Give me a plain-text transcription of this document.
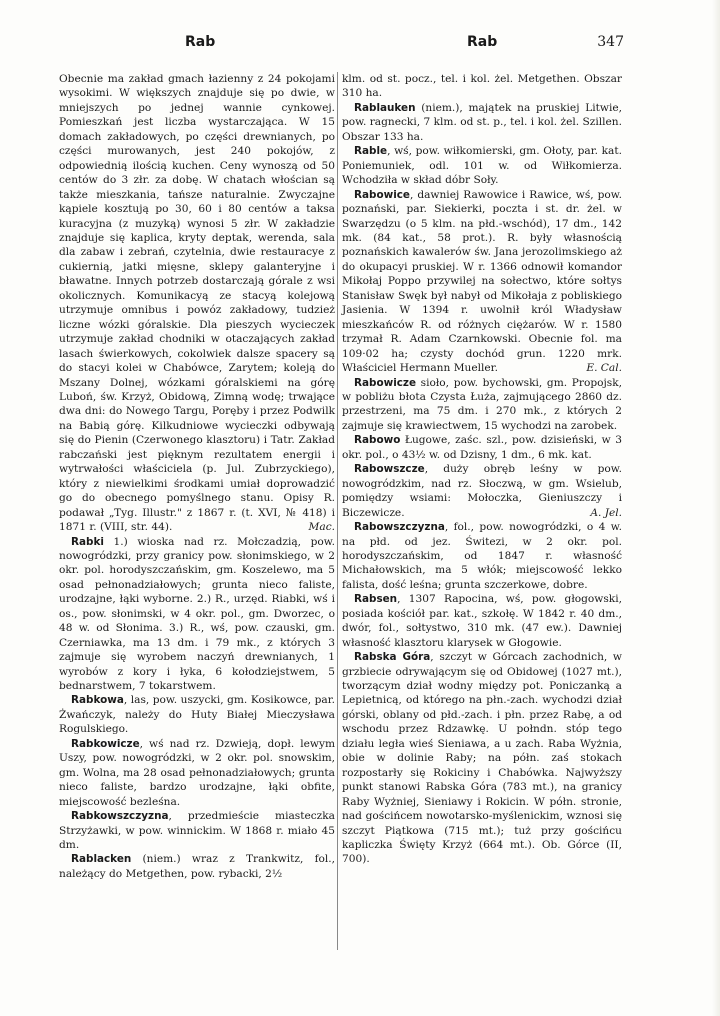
Rab	Rab	347

Obecnie ma zakład gmach łazienny z 24 pokojami wysokimi. W większych znajduje się po dwie, w mniejszych po jednej wannie cynkowej. Pomieszkań jest liczba wystarczająca. W 15 domach zakładowych, po części drewnianych, po części murowanych, jest 240 pokojów, z odpowiednią ilością kuchen. Ceny wynoszą od 50 centów do 3 złr. za dobę. W chatach włościan są także mieszkania, tańsze naturalnie. Zwyczajne kąpiele kosztują po 30, 60 i 80 centów a taksa kuracyjna (z muzyką) wynosi 5 złr. W zakładzie znajduje się kaplica, kryty deptak, werenda, sala dla zabaw i zebrań, czytelnia, dwie restauracye z cukiernią, jatki mięsne, sklepy galanteryjne i bławatne. Innych potrzeb dostarczają górale z wsi okolicznych. Komunikacyą ze stacyą kolejową utrzymuje omnibus i powóz zakładowy, tudzież liczne wózki góralskie. Dla pieszych wycieczek utrzymuje zakład chodniki w otaczających zakład lasach świerkowych, cokolwiek dalsze spacery są do stacyi kolei w Chabówce, Zarytem; koleją do Mszany Dolnej, wózkami góralskiemi na górę Luboń, św. Krzyż, Obidową, Zimną wodę; trwające dwa dni: do Nowego Targu, Poręby i przez Podwilk na Babią górę. Kilkudniowe wycieczki odbywają się do Pienin (Czerwonego klasztoru) i Tatr. Zakład rabczański jest pięknym rezultatem energii i wytrwałości właściciela (p. Jul. Zubrzyckiego), który z niewielkimi środkami umiał doprowadzić go do obecnego pomyślnego stanu. Opisy R. podawał „Tyg. Illustr." z 1867 r. (t. XVI, № 418) i 1871 r. (VIII, str. 44).	Mac.

Rabki 1.) wioska nad rz. Mołczadzią, pow. nowogródzki, przy granicy pow. słonimskiego, w 2 okr. pol. horodyszczańskim, gm. Koszelewo, ma 5 osad pełnonadziałowych; grunta nieco faliste, urodzajne, łąki wyborne. 2.) R., urzęd. Riabki, wś i os., pow. słonimski, w 4 okr. pol., gm. Dworzec, o 48 w. od Słonima. 3.) R., wś, pow. czauski, gm. Czerniawka, ma 13 dm. i 79 mk., z których 3 zajmuje się wyrobem naczyń drewnianych, 1 wyrobów z kory i łyka, 6 kołodziejstwem, 5 bednarstwem, 7 tokarstwem.

Rabkowa, las, pow. uszycki, gm. Kosikowce, par. Żwańczyk, należy do Huty Białej Mieczysława Rogulskiego.

Rabkowicze, wś nad rz. Dzwieją, dopł. lewym Uszy, pow. nowogródzki, w 2 okr. pol. snowskim, gm. Wolna, ma 28 osad pełnonadziałowych; grunta nieco faliste, bardzo urodzajne, łąki obfite, miejscowość bezleśna.

Rabkowszczyzna, przedmieście miasteczka Strzyżawki, w pow. winnickim. W 1868 r. miało 45 dm.

Rablacken (niem.) wraz z Trankwitz, fol., należący do Metgethen, pow. rybacki, 2½

klm. od st. pocz., tel. i kol. żel. Metgethen. Obszar 310 ha.

Rablauken (niem.), majątek na pruskiej Litwie, pow. ragnecki, 7 klm. od st. p., tel. i kol. żel. Szillen. Obszar 133 ha.

Rable, wś, pow. wiłkomierski, gm. Ołoty, par. kat. Poniemuniek, odl. 101 w. od Wiłkomierza. Wchodziła w skład dóbr Soły.

Rabowice, dawniej Rawowice i Rawice, wś, pow. poznański, par. Siekierki, poczta i st. dr. żel. w Swarzędzu (o 5 klm. na płd.-wschód), 17 dm., 142 mk. (84 kat., 58 prot.). R. były własnością poznańskich kawalerów św. Jana jerozolimskiego aż do okupacyi pruskiej. W r. 1366 odnowił komandor Mikołaj Poppo przywilej na sołectwo, które sołtys Stanisław Swęk był nabył od Mikołaja z pobliskiego Jasienia. W 1394 r. uwolnił król Władysław mieszkańców R. od różnych ciężarów. W r. 1580 trzymał R. Adam Czarnkowski. Obecnie fol. ma 109·02 ha; czysty dochód grun. 1220 mrk. Właściciel Hermann Mueller.	E. Cal.

Rabowicze sioło, pow. bychowski, gm. Propojsk, w pobliżu błota Czysta Łuża, zajmującego 2860 dz. przestrzeni, ma 75 dm. i 270 mk., z których 2 zajmuje się krawiectwem, 15 wychodzi na zarobek.

Rabowo Ługowe, zaśc. szl., pow. dzisieński, w 3 okr. pol., o 43½ w. od Dzisny, 1 dm., 6 mk. kat.

Rabowszcze, duży obręb leśny w pow. nowogródzkim, nad rz. Słoczwą, w gm. Wsielub, pomiędzy wsiami: Mołoczka, Gieniuszczy i Biczewicze.	A. Jel.

Rabowszczyzna, fol., pow. nowogródzki, o 4 w. na płd. od jez. Świtezi, w 2 okr. pol. horodyszczańskim, od 1847 r. własność Michałowskich, ma 5 włók; miejscowość lekko falista, dość leśna; grunta szczerkowe, dobre.

Rabsen, 1307 Rapocina, wś, pow. głogowski, posiada kościół par. kat., szkołę. W 1842 r. 40 dm., dwór, fol., sołtystwo, 310 mk. (47 ew.). Dawniej własność klasztoru klarysek w Głogowie.

Rabska Góra, szczyt w Górcach zachodnich, w grzbiecie odrywającym się od Obidowej (1027 mt.), tworzącym dział wodny między pot. Poniczanką a Lepietnicą, od którego na płn.-zach. wychodzi dział górski, oblany od płd.-zach. i płn. przez Rabę, a od wschodu przez Rdzawkę. U połndn. stóp tego działu legła wieś Sieniawa, a u zach. Raba Wyżnia, obie w dolinie Raby; na półn. zaś stokach rozpostarły się Rokiciny i Chabówka. Najwyższy punkt stanowi Rabska Góra (783 mt.), na granicy Raby Wyżniej, Sieniawy i Rokicin. W półn. stronie, nad gościńcem nowotarsko-myślenickim, wznosi się szczyt Piątkowa (715 mt.); tuż przy gościńcu kapliczka Święty Krzyż (664 mt.). Ob. Górce (II, 700).
